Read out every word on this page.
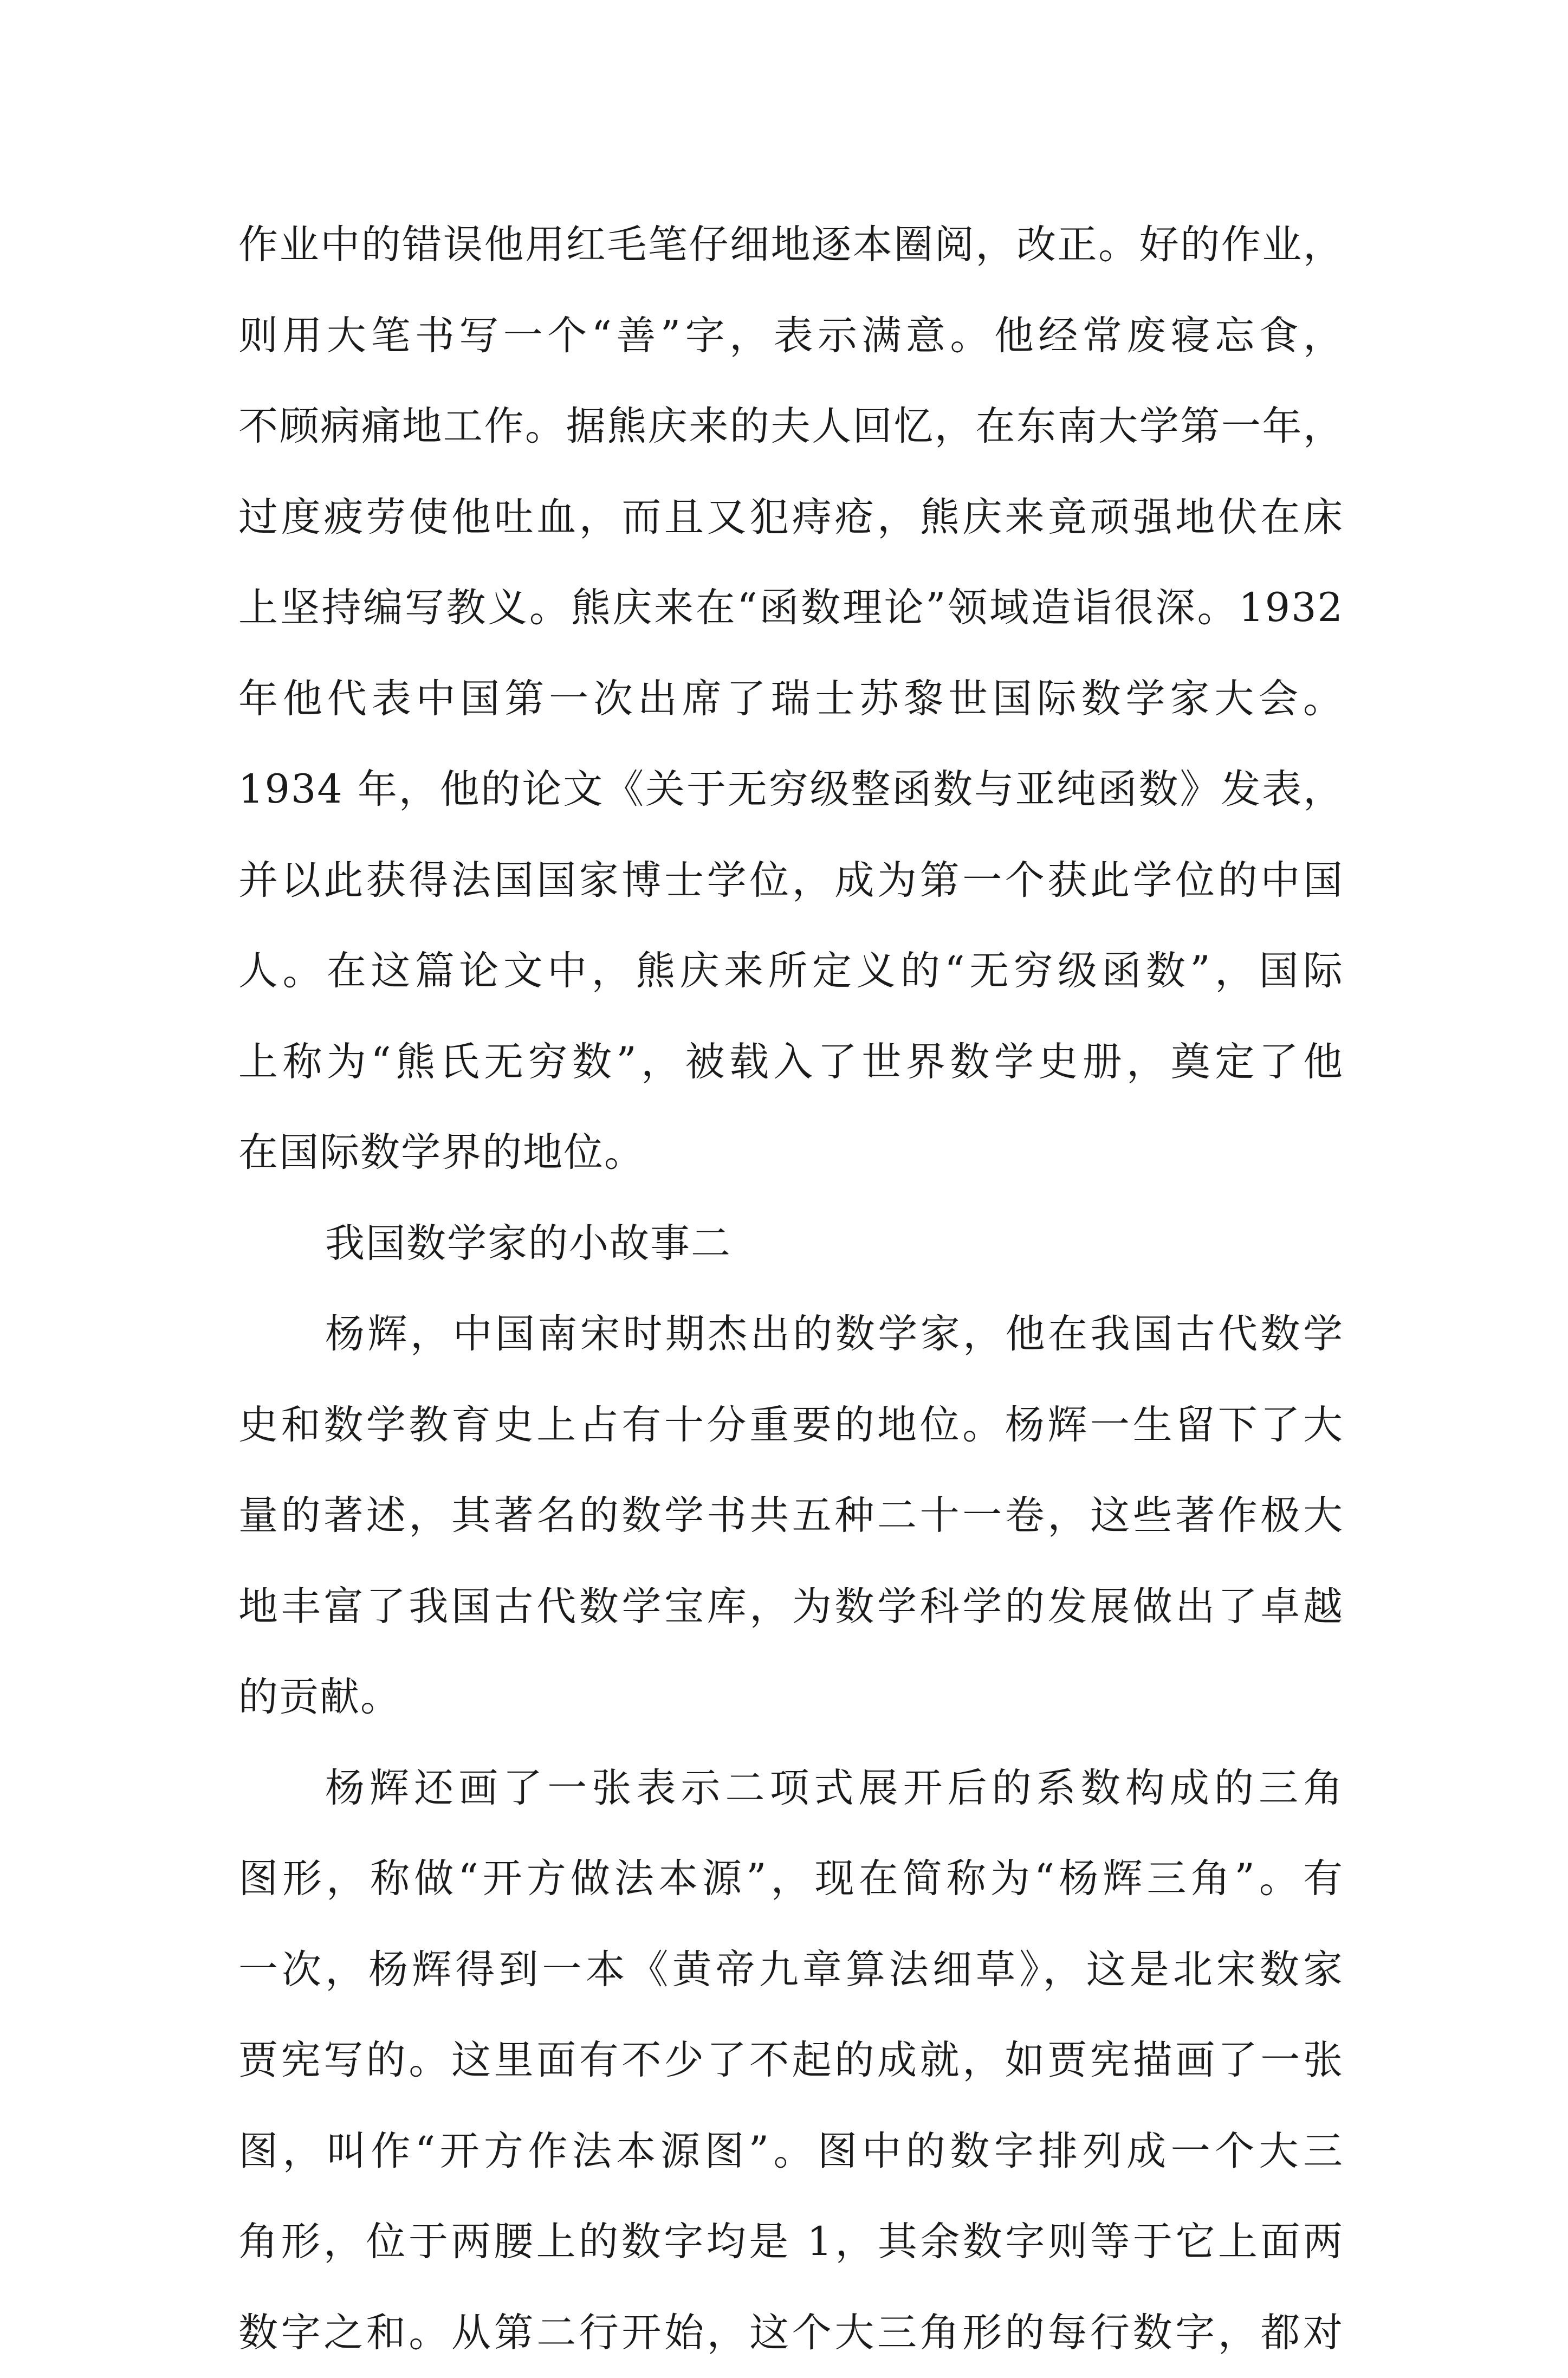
作业中的错误他用红毛笔仔细地逐本圈阅，改正。好的作业，
则用大笔书写一个“善”字，表示满意。他经常废寝忘食，
不顾病痛地工作。据熊庆来的夫人回忆，在东南大学第一年，
过度疲劳使他吐血，而且又犯痔疮，熊庆来竟顽强地伏在床
上坚持编写教义。熊庆来在“函数理论”领域造诣很深。1932
年他代表中国第一次出席了瑞士苏黎世国际数学家大会。
1934 年，他的论文《关于无穷级整函数与亚纯函数》发表，
并以此获得法国国家博士学位，成为第一个获此学位的中国
人。在这篇论文中，熊庆来所定义的“无穷级函数”，国际
上称为“熊氏无穷数”，被载入了世界数学史册，奠定了他
在国际数学界的地位。
我国数学家的小故事二
杨辉，中国南宋时期杰出的数学家，他在我国古代数学
史和数学教育史上占有十分重要的地位。杨辉一生留下了大
量的著述，其著名的数学书共五种二十一卷，这些著作极大
地丰富了我国古代数学宝库，为数学科学的发展做出了卓越
的贡献。
杨辉还画了一张表示二项式展开后的系数构成的三角
图形，称做“开方做法本源”，现在简称为“杨辉三角”。有
一次，杨辉得到一本《黄帝九章算法细草》，这是北宋数家
贾宪写的。这里面有不少了不起的成就，如贾宪描画了一张
图，叫作“开方作法本源图”。图中的数字排列成一个大三
角形，位于两腰上的数字均是 1，其余数字则等于它上面两
数字之和。从第二行开始，这个大三角形的每行数字，都对
